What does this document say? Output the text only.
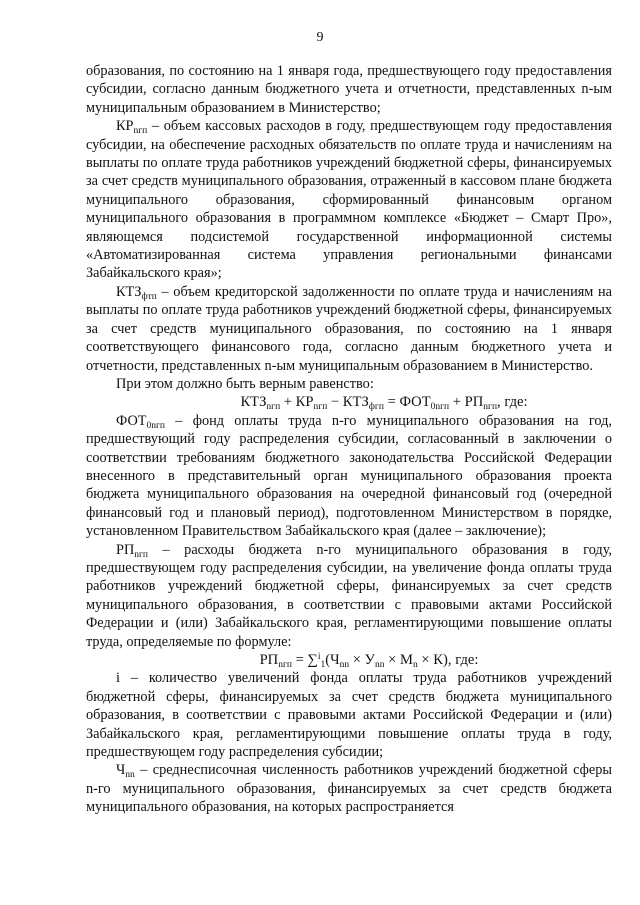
9

образования, по состоянию на 1 января года, предшествующего году предоставления субсидии, согласно данным бюджетного учета и отчетности, представленных n-ым муниципальным образованием в Министерство;

$КР_{nгп}$ – объем кассовых расходов в году, предшествующем году предоставления субсидии, на обеспечение расходных обязательств по оплате труда и начислениям на выплаты по оплате труда работников учреждений бюджетной сферы, финансируемых за счет средств муниципального образования, отраженный в кассовом плане бюджета муниципального образования, сформированный финансовым органом муниципального образования в программном комплексе «Бюджет – Смарт Про», являющемся подсистемой государственной информационной системы «Автоматизированная система управления региональными финансами Забайкальского края»;

$КТЗ_{фтп}$ – объем кредиторской задолженности по оплате труда и начислениям на выплаты по оплате труда работников учреждений бюджетной сферы, финансируемых за счет средств муниципального образования, по состоянию на 1 января соответствующего финансового года, согласно данным бюджетного учета и отчетности, представленных n-ым муниципальным образованием в Министерство.

При этом должно быть верным равенство:

$КТЗ_{nгп} + КР_{nгп} - КТЗ_{фгп} = ФОТ_{0nгп} + РП_{nгп}$, где:

$ФОТ_{0nгп}$ – фонд оплаты труда n-го муниципального образования на год, предшествующий году распределения субсидии, согласованный в заключении о соответствии требованиям бюджетного законодательства Российской Федерации внесенного в представительный орган муниципального образования проекта бюджета муниципального образования на очередной финансовый год (очередной финансовый год и плановый период), подготовленном Министерством в порядке, установленном Правительством Забайкальского края (далее – заключение);

$РП_{nгп}$ – расходы бюджета n-го муниципального образования в году, предшествующем году распределения субсидии, на увеличение фонда оплаты труда работников учреждений бюджетной сферы, финансируемых за счет средств муниципального образования, в соответствии с правовыми актами Российской Федерации и (или) Забайкальского края, регламентирующими повышение оплаты труда, определяемые по формуле:

$РП_{nгп} = \sum^i_1(Ч_{nn} \times У_{nn} \times М_n \times К)$, где:

i – количество увеличений фонда оплаты труда работников учреждений бюджетной сферы, финансируемых за счет средств бюджета муниципального образования, в соответствии с правовыми актами Российской Федерации и (или) Забайкальского края, регламентирующими повышение оплаты труда в году, предшествующем году распределения субсидии;

$Ч_{nn}$ – среднесписочная численность работников учреждений бюджетной сферы n-го муниципального образования, финансируемых за счет средств бюджета муниципального образования, на которых распространяется
